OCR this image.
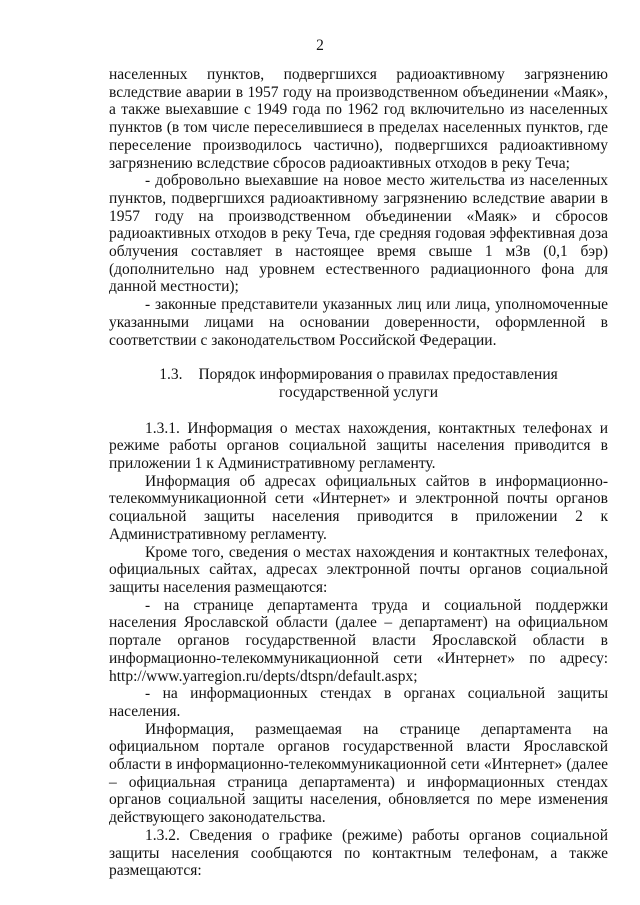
2

населенных пунктов, подвергшихся радиоактивному загрязнению вследствие аварии в 1957 году на производственном объединении «Маяк», а также выехавшие с 1949 года по 1962 год включительно из населенных пунктов (в том числе переселившиеся в пределах населенных пунктов, где переселение производилось частично), подвергшихся радиоактивному загрязнению вследствие сбросов радиоактивных отходов в реку Теча;

- добровольно выехавшие на новое место жительства из населенных пунктов, подвергшихся радиоактивному загрязнению вследствие аварии в 1957 году на производственном объединении «Маяк» и сбросов радиоактивных отходов в реку Теча, где средняя годовая эффективная доза облучения составляет в настоящее время свыше 1 мЗв (0,1 бэр) (дополнительно над уровнем естественного радиационного фона для данной местности);

- законные представители указанных лиц или лица, уполномоченные указанными лицами на основании доверенности, оформленной в соответствии с законодательством Российской Федерации.

1.3. Порядок информирования о правилах предоставления государственной услуги

1.3.1. Информация о местах нахождения, контактных телефонах и режиме работы органов социальной защиты населения приводится в приложении 1 к Административному регламенту.

Информация об адресах официальных сайтов в информационно-телекоммуникационной сети «Интернет» и электронной почты органов социальной защиты населения приводится в приложении 2 к Административному регламенту.

Кроме того, сведения о местах нахождения и контактных телефонах, официальных сайтах, адресах электронной почты органов социальной защиты населения размещаются:

- на странице департамента труда и социальной поддержки населения Ярославской области (далее – департамент) на официальном портале органов государственной власти Ярославской области в информационно-телекоммуникационной сети «Интернет» по адресу: http://www.yarregion.ru/depts/dtspn/default.aspx;

- на информационных стендах в органах социальной защиты населения.

Информация, размещаемая на странице департамента на официальном портале органов государственной власти Ярославской области в информационно-телекоммуникационной сети «Интернет» (далее – официальная страница департамента) и информационных стендах органов социальной защиты населения, обновляется по мере изменения действующего законодательства.

1.3.2. Сведения о графике (режиме) работы органов социальной защиты населения сообщаются по контактным телефонам, а также размещаются:
